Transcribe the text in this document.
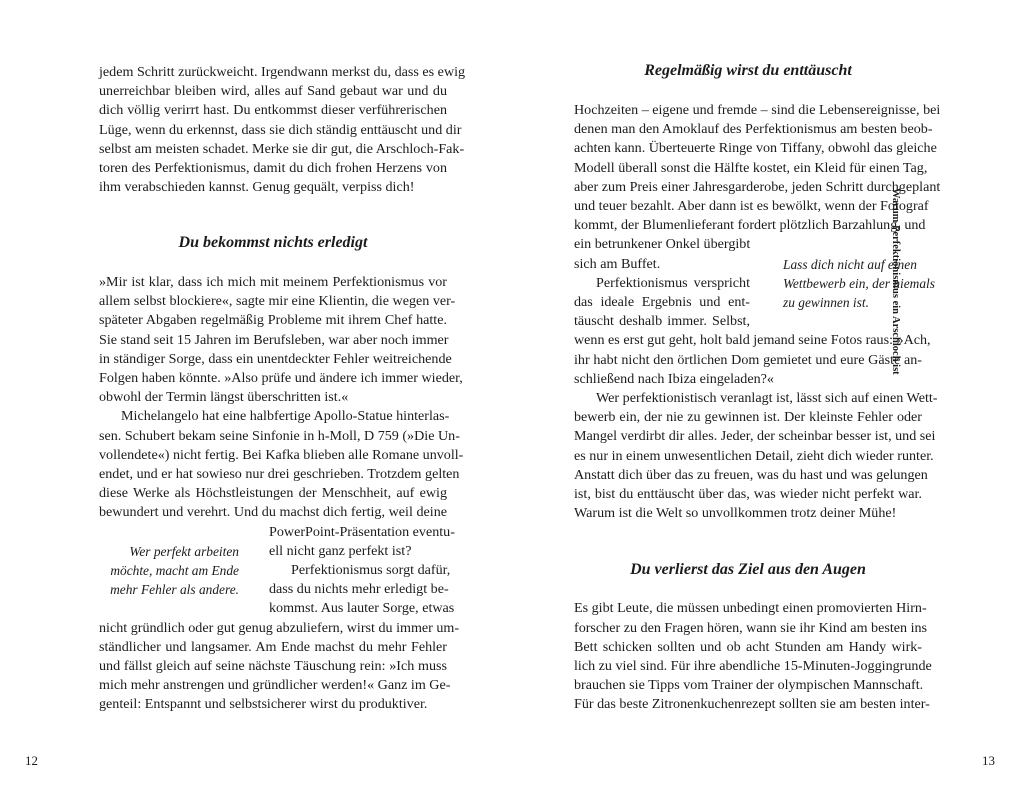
jedem Schritt zurückweicht. Irgendwann merkst du, dass es ewig
unerreichbar bleiben wird, alles auf Sand gebaut war und du
dich völlig verirrt hast. Du entkommst dieser verführerischen
Lüge, wenn du erkennst, dass sie dich ständig enttäuscht und dir
selbst am meisten schadet. Merke sie dir gut, die Arschloch-Fak-
toren des Perfektionismus, damit du dich frohen Herzens von
ihm verabschieden kannst. Genug gequält, verpiss dich!
Du bekommst nichts erledigt
»Mir ist klar, dass ich mich mit meinem Perfektionismus vor
allem selbst blockiere«, sagte mir eine Klientin, die wegen ver-
späteter Abgaben regelmäßig Probleme mit ihrem Chef hatte.
Sie stand seit 15 Jahren im Berufsleben, war aber noch immer
in ständiger Sorge, dass ein unentdeckter Fehler weitreichende
Folgen haben könnte. »Also prüfe und ändere ich immer wieder,
obwohl der Termin längst überschritten ist.«
Michelangelo hat eine halbfertige Apollo-Statue hinterlas-
sen. Schubert bekam seine Sinfonie in h-Moll, D 759 (»Die Un-
vollendete«) nicht fertig. Bei Kafka blieben alle Romane unvoll-
endet, und er hat sowieso nur drei geschrieben. Trotzdem gelten
diese Werke als Höchstleistungen der Menschheit, auf ewig
bewundert und verehrt. Und du machst dich fertig, weil deine
PowerPoint-Präsentation eventu-
ell nicht ganz perfekt ist?
Perfektionismus sorgt dafür,
dass du nichts mehr erledigt be-
kommst. Aus lauter Sorge, etwas
Wer perfekt arbeiten
möchte, macht am Ende
mehr Fehler als andere.
nicht gründlich oder gut genug abzuliefern, wirst du immer um-
ständlicher und langsamer. Am Ende machst du mehr Fehler
und fällst gleich auf seine nächste Täuschung rein: »Ich muss
mich mehr anstrengen und gründlicher werden!« Ganz im Ge-
genteil: Entspannt und selbstsicherer wirst du produktiver.
12
Regelmäßig wirst du enttäuscht
Hochzeiten – eigene und fremde – sind die Lebensereignisse, bei
denen man den Amoklauf des Perfektionismus am besten beob-
achten kann. Überteuerte Ringe von Tiffany, obwohl das gleiche
Modell überall sonst die Hälfte kostet, ein Kleid für einen Tag,
aber zum Preis einer Jahresgarderobe, jeden Schritt durchgeplant
und teuer bezahlt. Aber dann ist es bewölkt, wenn der Fotograf
kommt, der Blumenlieferant fordert plötzlich Barzahlung, und
ein betrunkener Onkel übergibt
sich am Buffet.
Perfektionismus verspricht
das ideale Ergebnis und ent-
täuscht deshalb immer. Selbst,
Lass dich nicht auf einen
Wettbewerb ein, der niemals
zu gewinnen ist.
wenn es erst gut geht, holt bald jemand seine Fotos raus: »Ach,
ihr habt nicht den örtlichen Dom gemietet und eure Gäste an-
schließend nach Ibiza eingeladen?«
Wer perfektionistisch veranlagt ist, lässt sich auf einen Wett-
bewerb ein, der nie zu gewinnen ist. Der kleinste Fehler oder
Mangel verdirbt dir alles. Jeder, der scheinbar besser ist, und sei
es nur in einem unwesentlichen Detail, zieht dich wieder runter.
Anstatt dich über das zu freuen, was du hast und was gelungen
ist, bist du enttäuscht über das, was wieder nicht perfekt war.
Warum ist die Welt so unvollkommen trotz deiner Mühe!
Du verlierst das Ziel aus den Augen
Es gibt Leute, die müssen unbedingt einen promovierten Hirn-
forscher zu den Fragen hören, wann sie ihr Kind am besten ins
Bett schicken sollten und ob acht Stunden am Handy wirk-
lich zu viel sind. Für ihre abendliche 15-Minuten-Joggingrunde
brauchen sie Tipps vom Trainer der olympischen Mannschaft.
Für das beste Zitronenkuchenrezept sollten sie am besten inter-
13
Warum Perfektionismus ein Arschloch ist
